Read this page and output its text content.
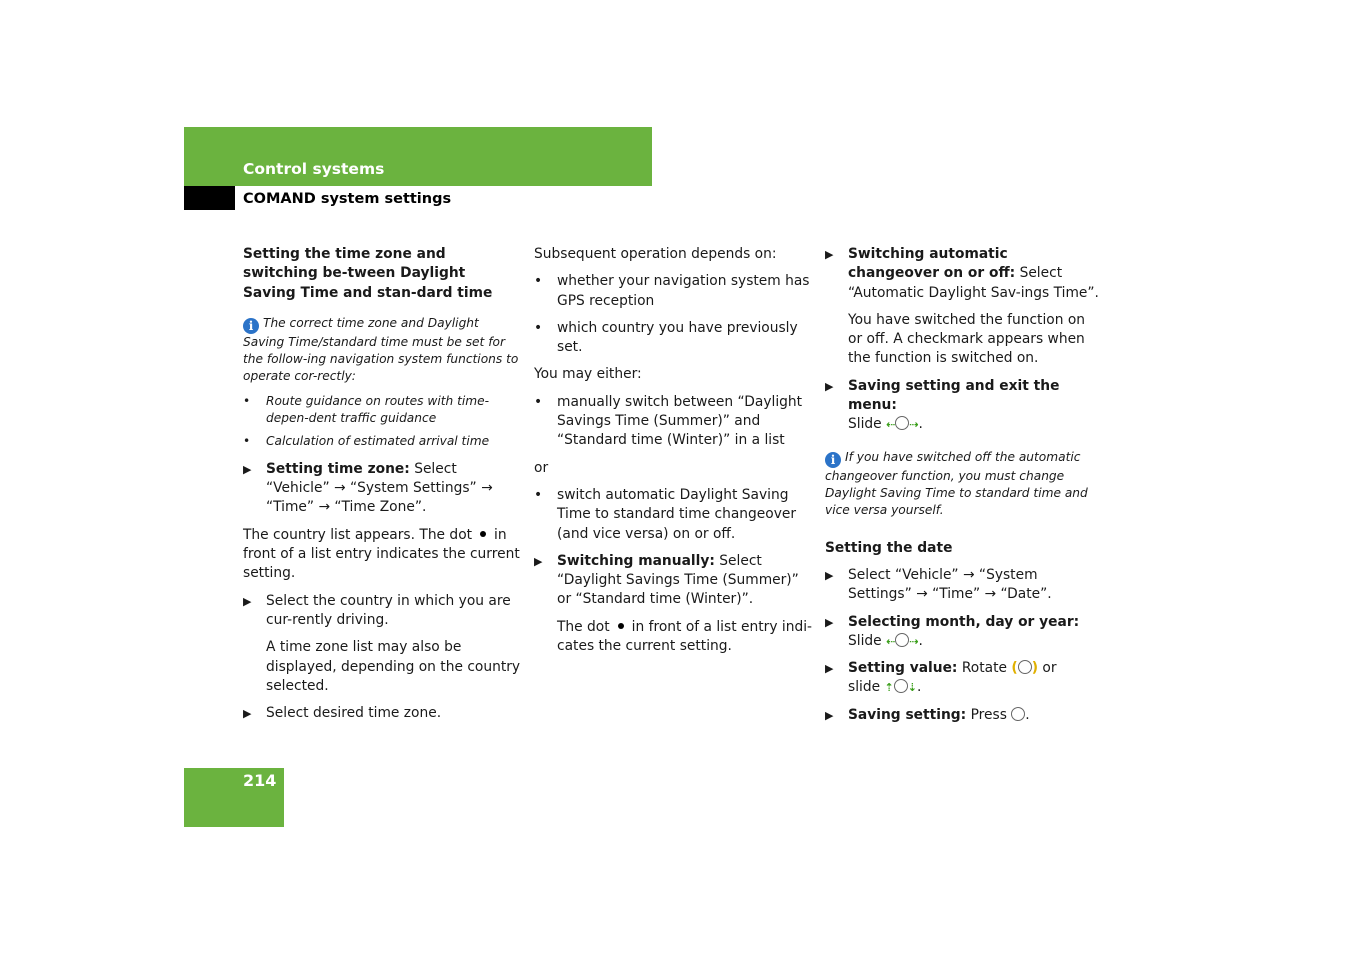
Control systems
COMAND system settings

Setting the time zone and switching be-tween Daylight Saving Time and stan-dard time

i The correct time zone and Daylight Saving Time/standard time must be set for the follow-ing navigation system functions to operate cor-rectly:

• Route guidance on routes with time-depen-dent traffic guidance
• Calculation of estimated arrival time

▶ Setting time zone: Select “Vehicle” → “System Settings” → “Time” → “Time Zone”.

The country list appears. The dot in front of a list entry indicates the current setting.

▶ Select the country in which you are cur-rently driving.

A time zone list may also be displayed, depending on the country selected.

▶ Select desired time zone.

Subsequent operation depends on:

• whether your navigation system has GPS reception

• which country you have previously set.

You may either:

• manually switch between “Daylight Savings Time (Summer)” and “Standard time (Winter)” in a list

or

• switch automatic Daylight Saving Time to standard time changeover (and vice versa) on or off.

▶ Switching manually: Select “Daylight Savings Time (Summer)” or “Standard time (Winter)”.

The dot in front of a list entry indi-cates the current setting.

▶ Switching automatic changeover on or off: Select “Automatic Daylight Sav-ings Time”.

You have switched the function on or off. A checkmark appears when the function is switched on.

▶ Saving setting and exit the menu:
Slide ⇠ ⇢.

i If you have switched off the automatic changeover function, you must change Daylight Saving Time to standard time and vice versa yourself.

Setting the date

▶ Select “Vehicle” → “System Settings” → “Time” → “Date”.

▶ Selecting month, day or year:
Slide ⇠ ⇢.

▶ Setting value: Rotate ( ) or
slide ⇡ ⇣.

▶ Saving setting: Press .

214
